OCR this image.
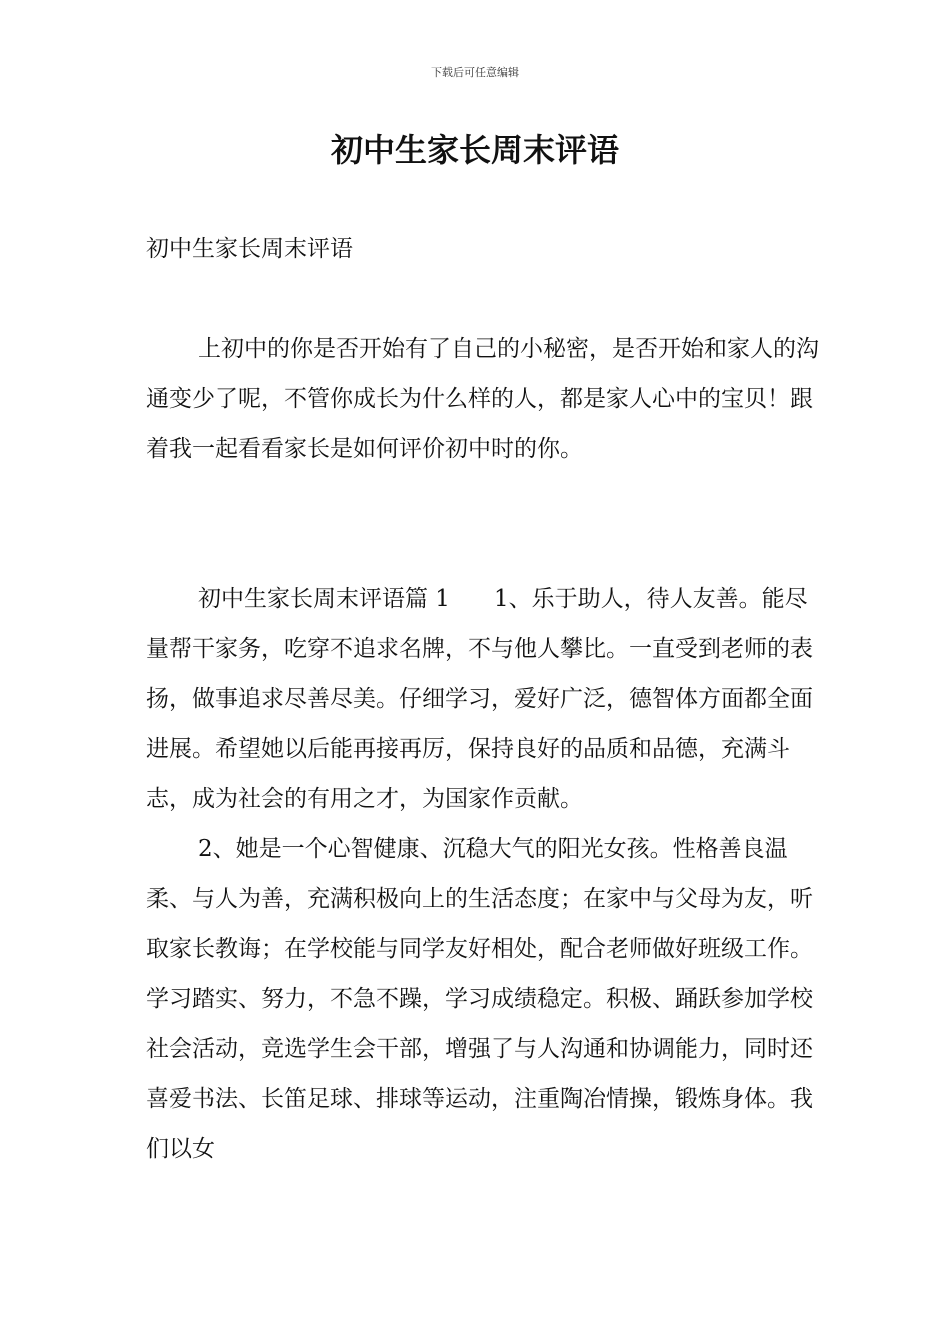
下载后可任意编辑
初中生家长周末评语
初中生家长周末评语

上初中的你是否开始有了自己的小秘密，是否开始和家人的沟通变少了呢，不管你成长为什么样的人，都是家人心中的宝贝！跟着我一起看看家长是如何评价初中时的你。

初中生家长周末评语篇 1 1、乐于助人，待人友善。能尽量帮干家务，吃穿不追求名牌，不与他人攀比。一直受到老师的表扬，做事追求尽善尽美。仔细学习，爱好广泛，德智体方面都全面进展。希望她以后能再接再厉，保持良好的品质和品德，充满斗志，成为社会的有用之才，为国家作贡献。

2、她是一个心智健康、沉稳大气的阳光女孩。性格善良温柔、与人为善，充满积极向上的生活态度；在家中与父母为友，听取家长教诲；在学校能与同学友好相处，配合老师做好班级工作。学习踏实、努力，不急不躁，学习成绩稳定。积极、踊跃参加学校社会活动，竞选学生会干部，增强了与人沟通和协调能力，同时还喜爱书法、长笛足球、排球等运动，注重陶冶情操，锻炼身体。我们以女
